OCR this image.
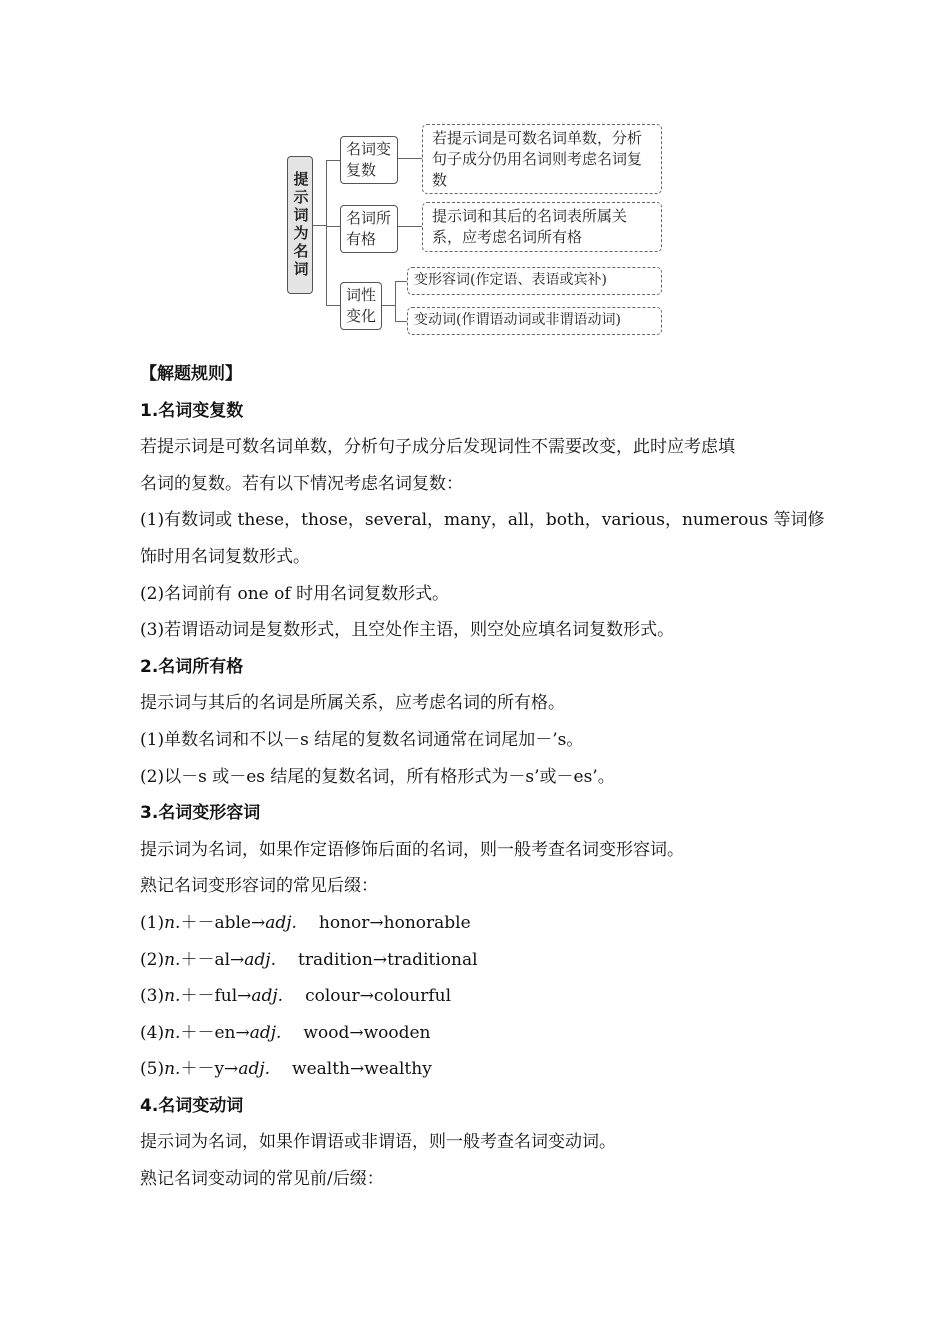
提示词为名词
名词变复数
名词所有格
词性变化
若提示词是可数名词单数，分析句子成分仍用名词则考虑名词复数
提示词和其后的名词表所属关系，应考虑名词所有格
变形容词(作定语、表语或宾补)
变动词(作谓语动词或非谓语动词)
【解题规则】
1.名词变复数
若提示词是可数名词单数，分析句子成分后发现词性不需要改变，此时应考虑填
名词的复数。若有以下情况考虑名词复数：
(1)有数词或 these，those，several，many，all，both，various，numerous 等词修
饰时用名词复数形式。
(2)名词前有 one of 时用名词复数形式。
(3)若谓语动词是复数形式，且空处作主语，则空处应填名词复数形式。
2.名词所有格
提示词与其后的名词是所属关系，应考虑名词的所有格。
(1)单数名词和不以－s 结尾的复数名词通常在词尾加－’s。
(2)以－s 或－es 结尾的复数名词，所有格形式为－s’或－es’。
3.名词变形容词
提示词为名词，如果作定语修饰后面的名词，则一般考查名词变形容词。
熟记名词变形容词的常见后缀：
(1)n.＋－able→adj. honor→honorable
(2)n.＋－al→adj. tradition→traditional
(3)n.＋－ful→adj. colour→colourful
(4)n.＋－en→adj. wood→wooden
(5)n.＋－y→adj. wealth→wealthy
4.名词变动词
提示词为名词，如果作谓语或非谓语，则一般考查名词变动词。
熟记名词变动词的常见前/后缀：
